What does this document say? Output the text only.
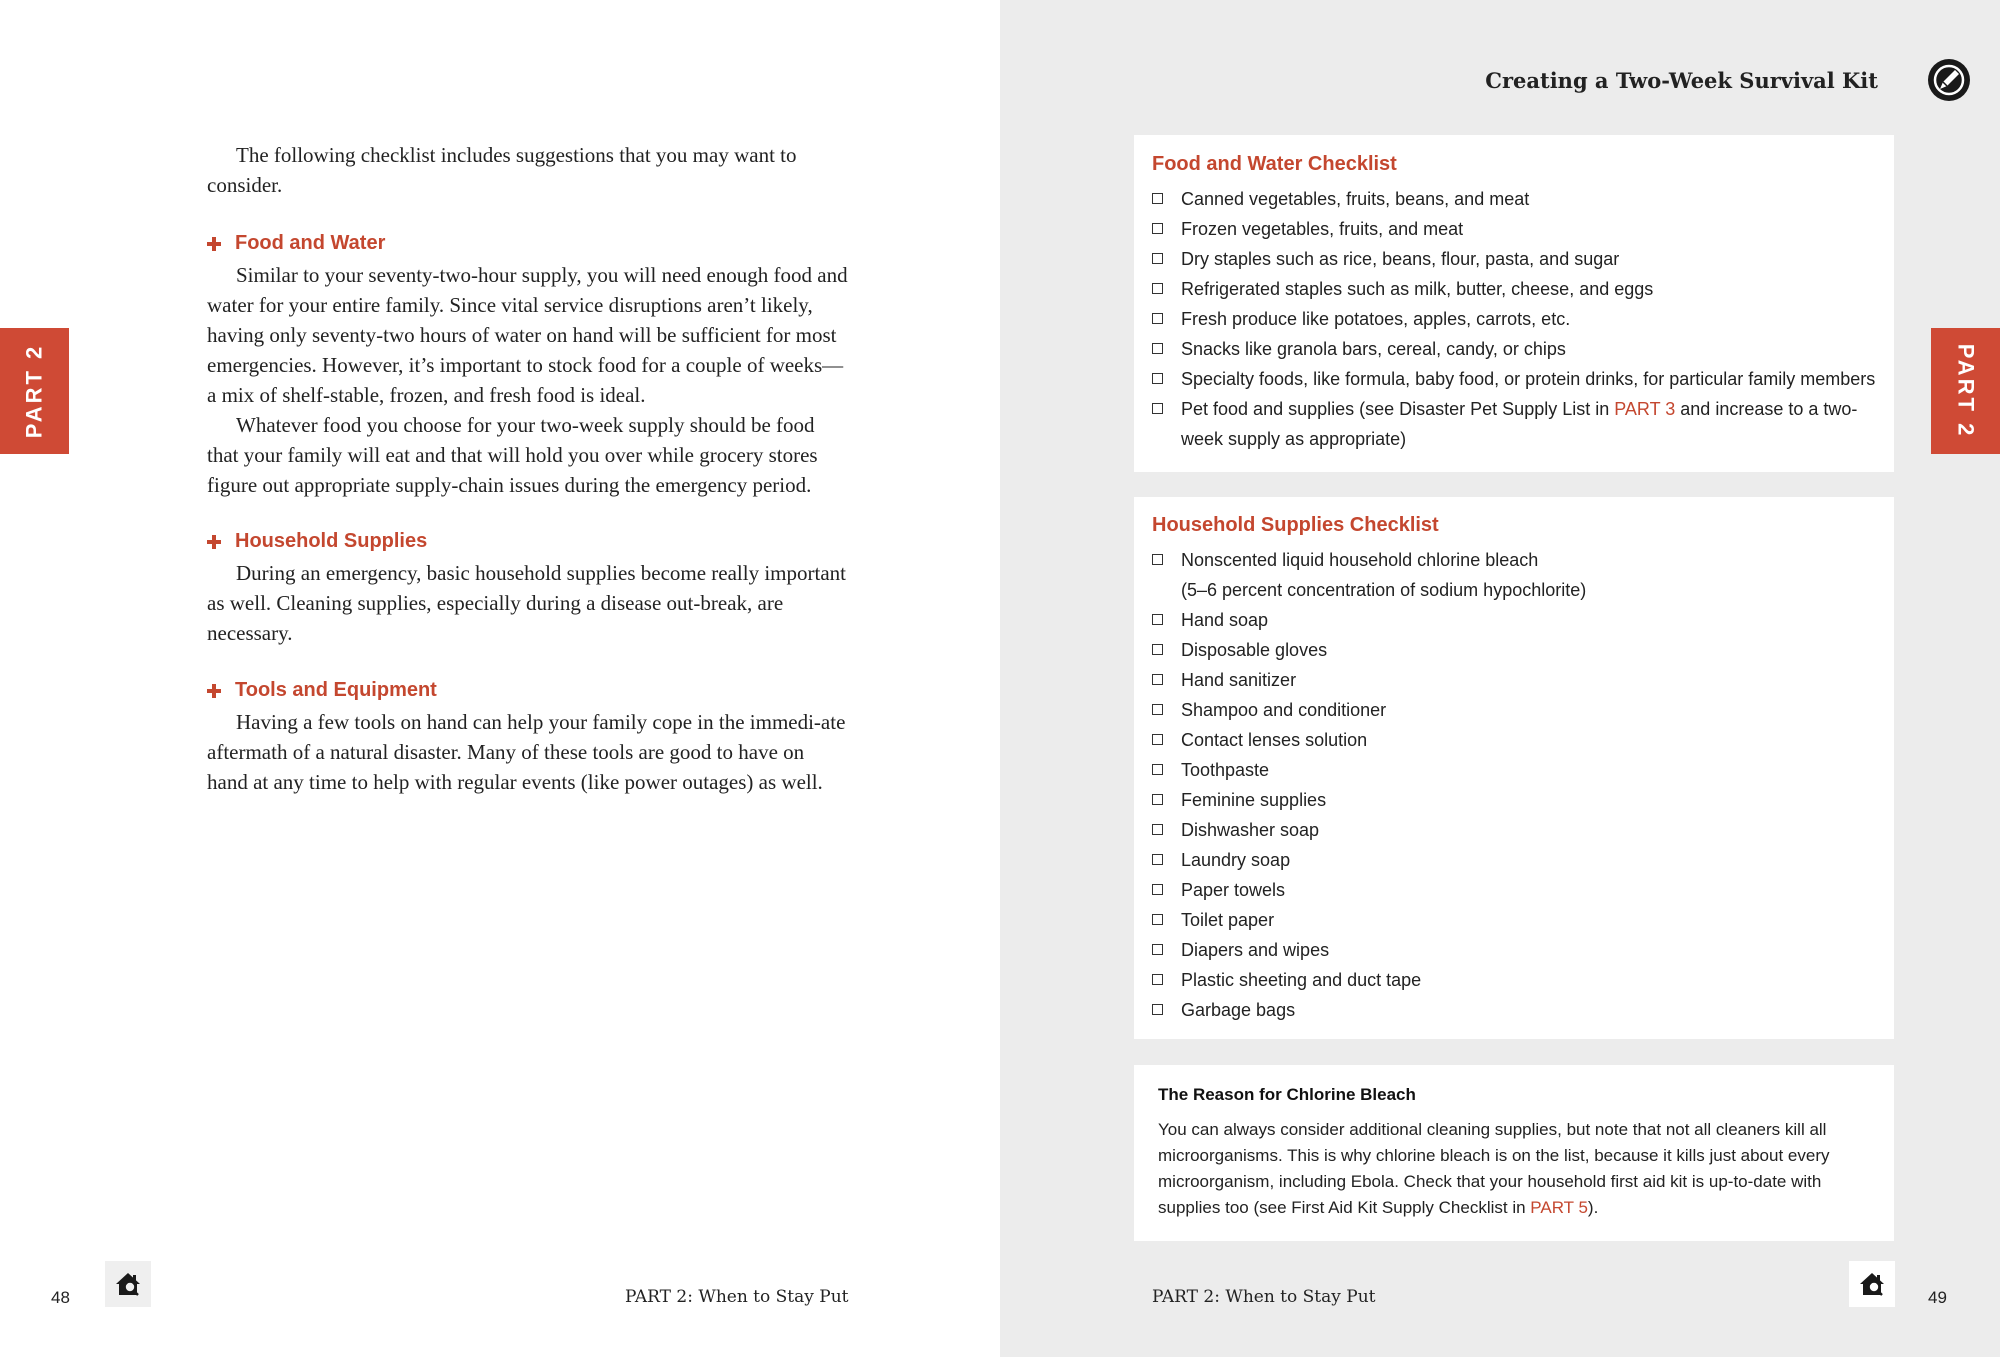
PART 2

The following checklist includes suggestions that you may want to consider.

Food and Water

Similar to your seventy-two-hour supply, you will need enough food and water for your entire family. Since vital service disruptions aren’t likely, having only seventy-two hours of water on hand will be sufficient for most emergencies. However, it’s important to stock food for a couple of weeks—a mix of shelf-stable, frozen, and fresh food is ideal.

Whatever food you choose for your two-week supply should be food that your family will eat and that will hold you over while grocery stores figure out appropriate supply-chain issues during the emergency period.

Household Supplies

During an emergency, basic household supplies become really important as well. Cleaning supplies, especially during a disease out-break, are necessary.

Tools and Equipment

Having a few tools on hand can help your family cope in the immedi-ate aftermath of a natural disaster. Many of these tools are good to have on hand at any time to help with regular events (like power outages) as well.

48	PART 2: When to Stay Put
Creating a Two-Week Survival Kit
PART 2
Food and Water Checklist
Canned vegetables, fruits, beans, and meat
Frozen vegetables, fruits, and meat
Dry staples such as rice, beans, flour, pasta, and sugar
Refrigerated staples such as milk, butter, cheese, and eggs
Fresh produce like potatoes, apples, carrots, etc.
Snacks like granola bars, cereal, candy, or chips
Specialty foods, like formula, baby food, or protein drinks, for particular family members
Pet food and supplies (see Disaster Pet Supply List in PART 3 and increase to a two-week supply as appropriate)
Household Supplies Checklist
Nonscented liquid household chlorine bleach
(5–6 percent concentration of sodium hypochlorite)
Hand soap
Disposable gloves
Hand sanitizer
Shampoo and conditioner
Contact lenses solution
Toothpaste
Feminine supplies
Dishwasher soap
Laundry soap
Paper towels
Toilet paper
Diapers and wipes
Plastic sheeting and duct tape
Garbage bags
The Reason for Chlorine Bleach

You can always consider additional cleaning supplies, but note that not all cleaners kill all microorganisms. This is why chlorine bleach is on the list, because it kills just about every microorganism, including Ebola. Check that your household first aid kit is up-to-date with supplies too (see First Aid Kit Supply Checklist in PART 5).

PART 2: When to Stay Put	49
